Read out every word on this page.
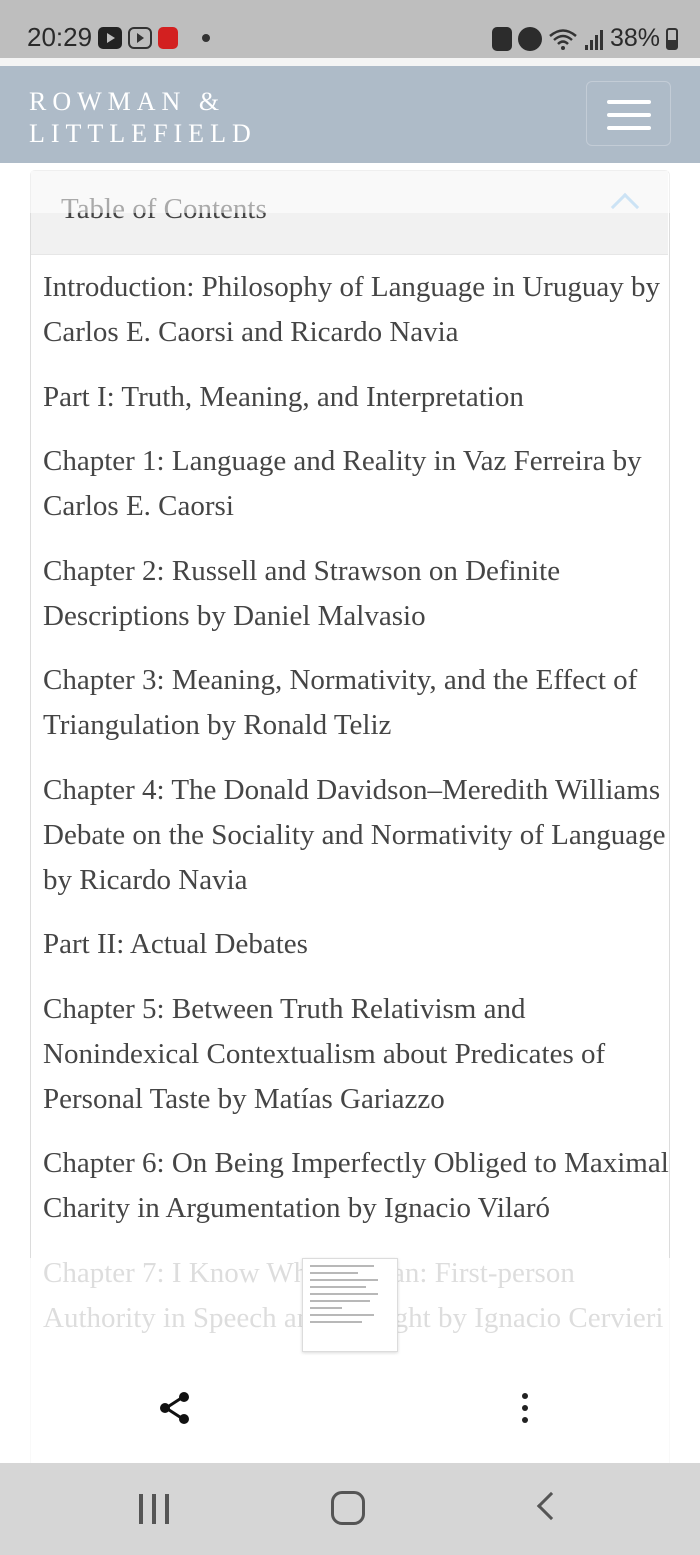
20:29	38%
ROWMAN &
LITTLEFIELD
Introduction: Philosophy of Language in Uruguay by Carlos E. Caorsi and Ricardo Navia
Part I: Truth, Meaning, and Interpretation
Chapter 1: Language and Reality in Vaz Ferreira by Carlos E. Caorsi
Chapter 2: Russell and Strawson on Definite Descriptions by Daniel Malvasio
Chapter 3: Meaning, Normativity, and the Effect of Triangulation by Ronald Teliz
Chapter 4: The Donald Davidson–Meredith Williams Debate on the Sociality and Normativity of Language by Ricardo Navia
Part II: Actual Debates
Chapter 5: Between Truth Relativism and Nonindexical Contextualism about Predicates of Personal Taste by Matías Gariazzo
Chapter 6: On Being Imperfectly Obliged to Maximal Charity in Argumentation by Ignacio Vilaró
